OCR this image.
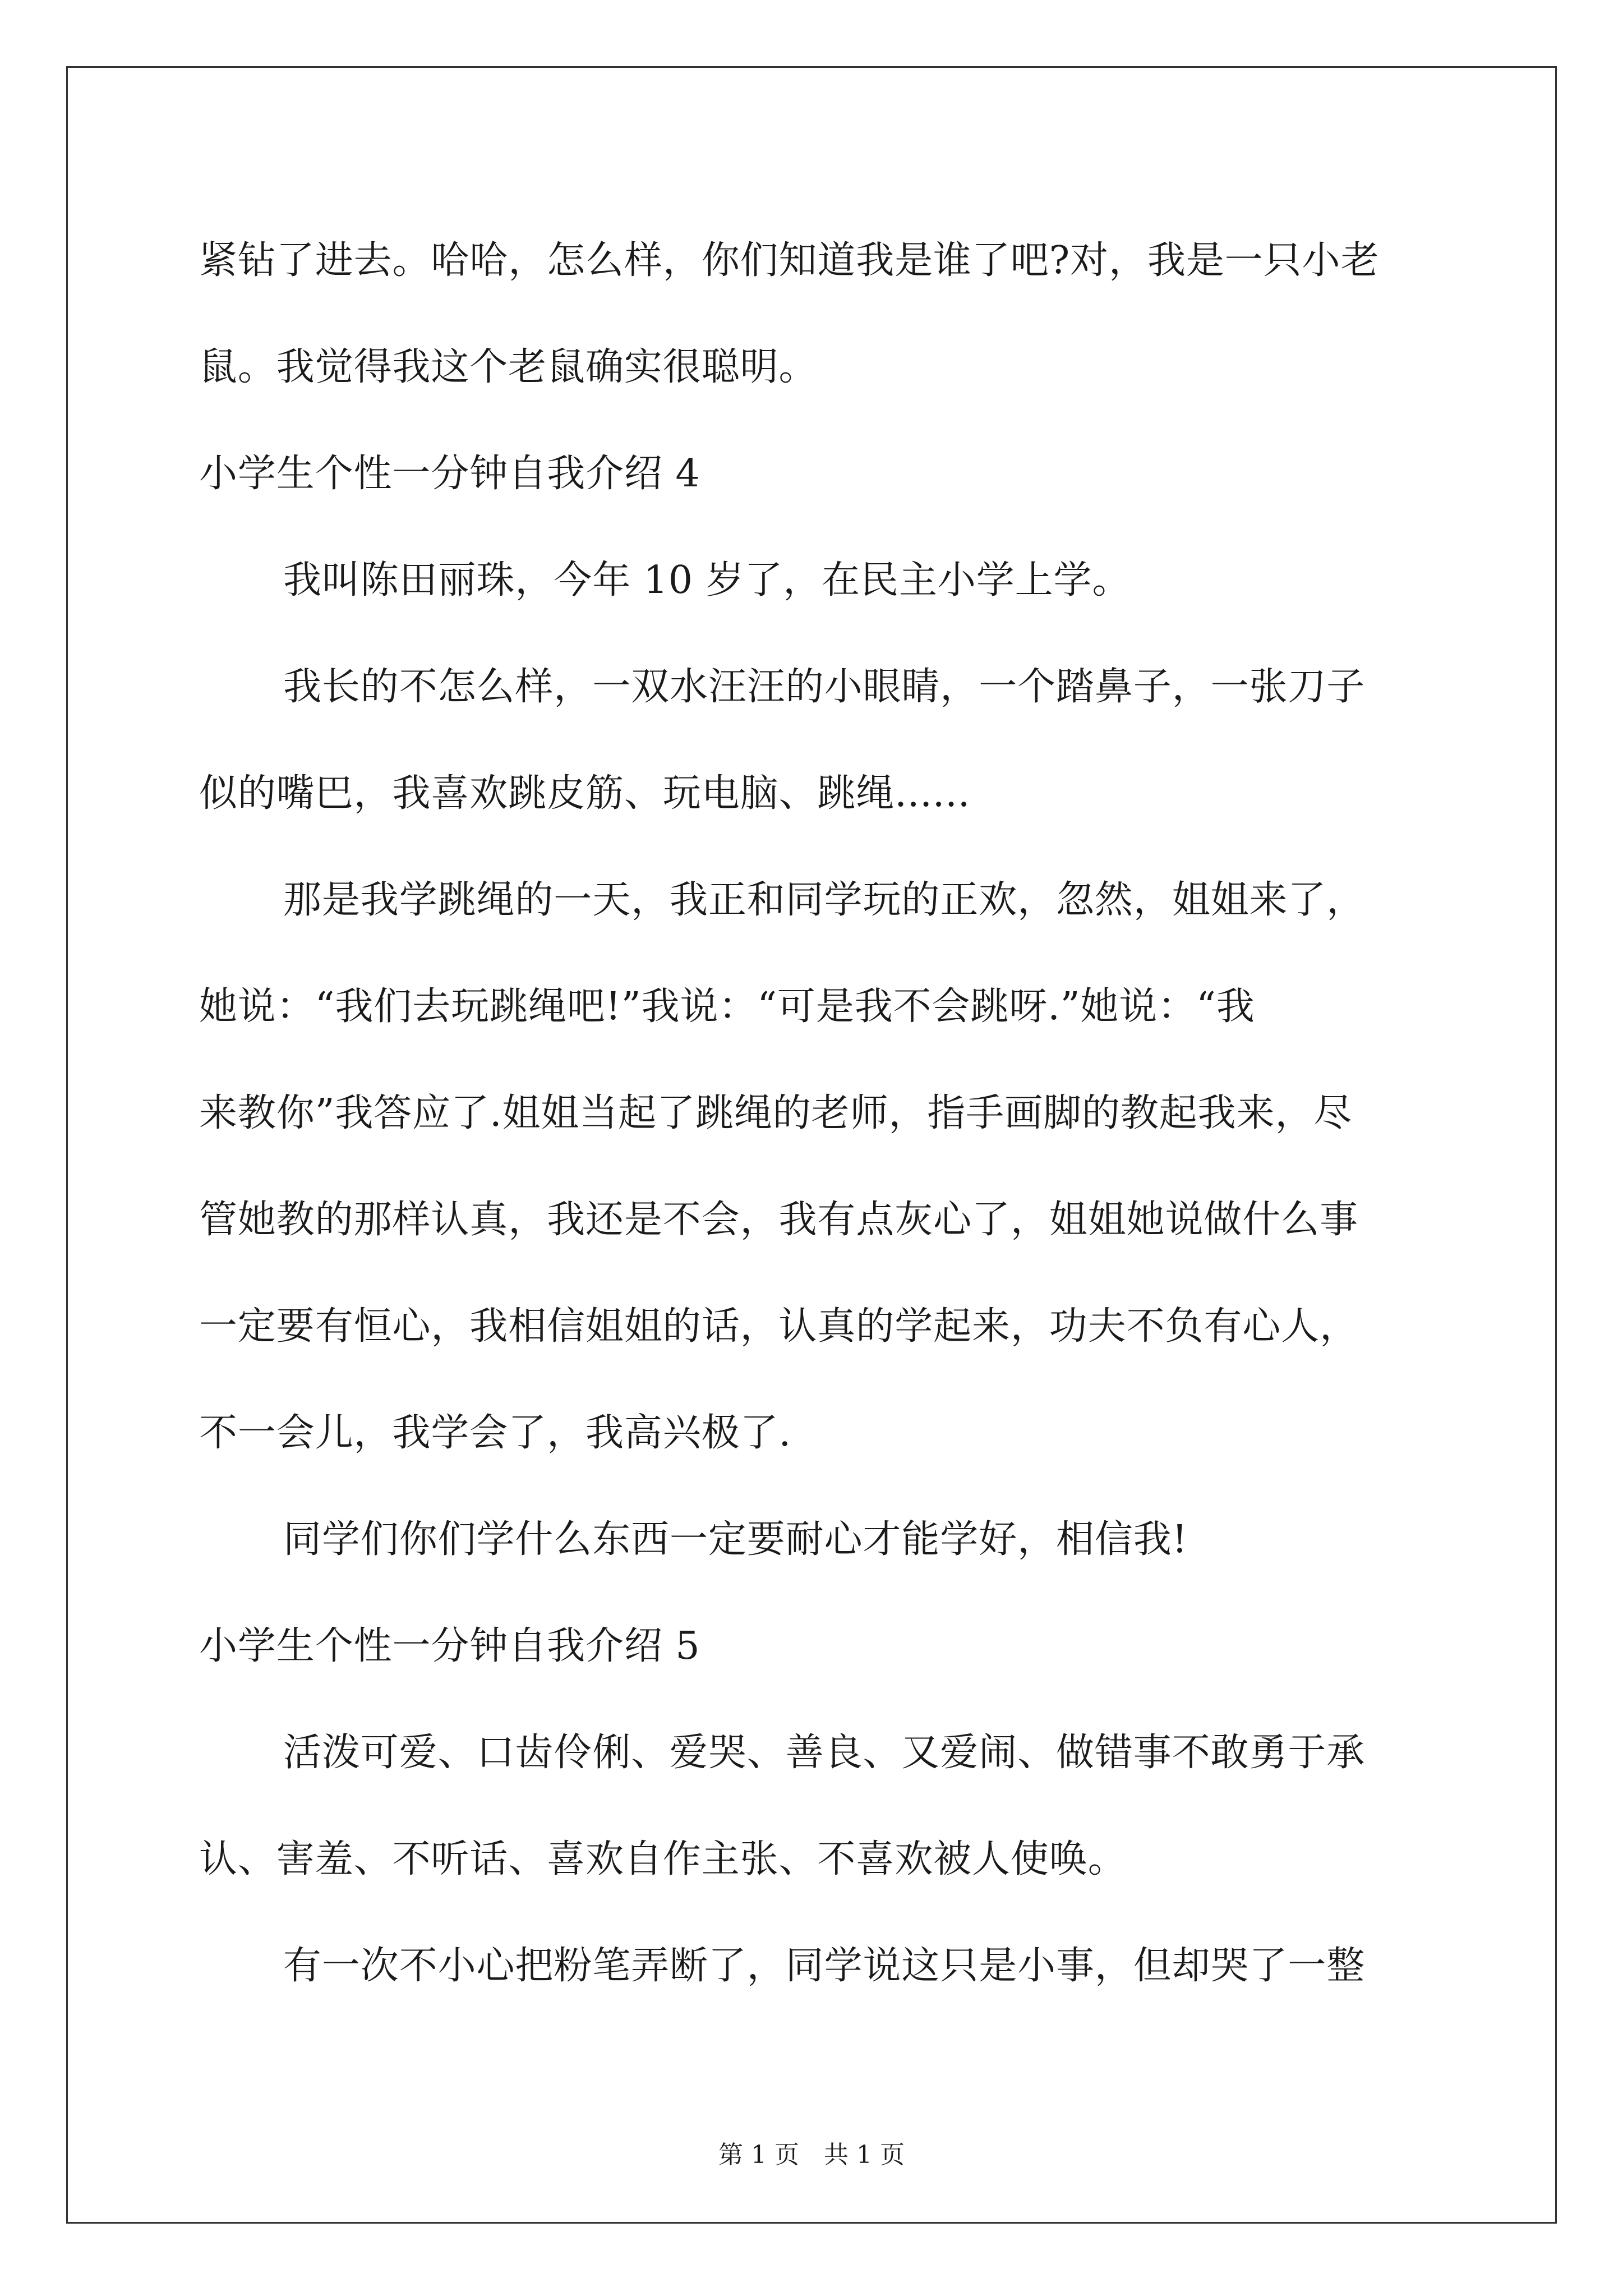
紧钻了进去。哈哈，怎么样，你们知道我是谁了吧?对，我是一只小老
鼠。我觉得我这个老鼠确实很聪明。
小学生个性一分钟自我介绍 4
我叫陈田丽珠，今年 10 岁了，在民主小学上学。
我长的不怎么样，一双水汪汪的小眼睛，一个踏鼻子，一张刀子
似的嘴巴，我喜欢跳皮筋、玩电脑、跳绳......
那是我学跳绳的一天，我正和同学玩的正欢，忽然，姐姐来了，
她说：“我们去玩跳绳吧!”我说：“可是我不会跳呀.”她说：“我
来教你”我答应了.姐姐当起了跳绳的老师，指手画脚的教起我来，尽
管她教的那样认真，我还是不会，我有点灰心了，姐姐她说做什么事
一定要有恒心，我相信姐姐的话，认真的学起来，功夫不负有心人，
不一会儿，我学会了，我高兴极了.
同学们你们学什么东西一定要耐心才能学好，相信我!
小学生个性一分钟自我介绍 5
活泼可爱、口齿伶俐、爱哭、善良、又爱闹、做错事不敢勇于承
认、害羞、不听话、喜欢自作主张、不喜欢被人使唤。
有一次不小心把粉笔弄断了，同学说这只是小事，但却哭了一整
第 1 页 共 1 页
